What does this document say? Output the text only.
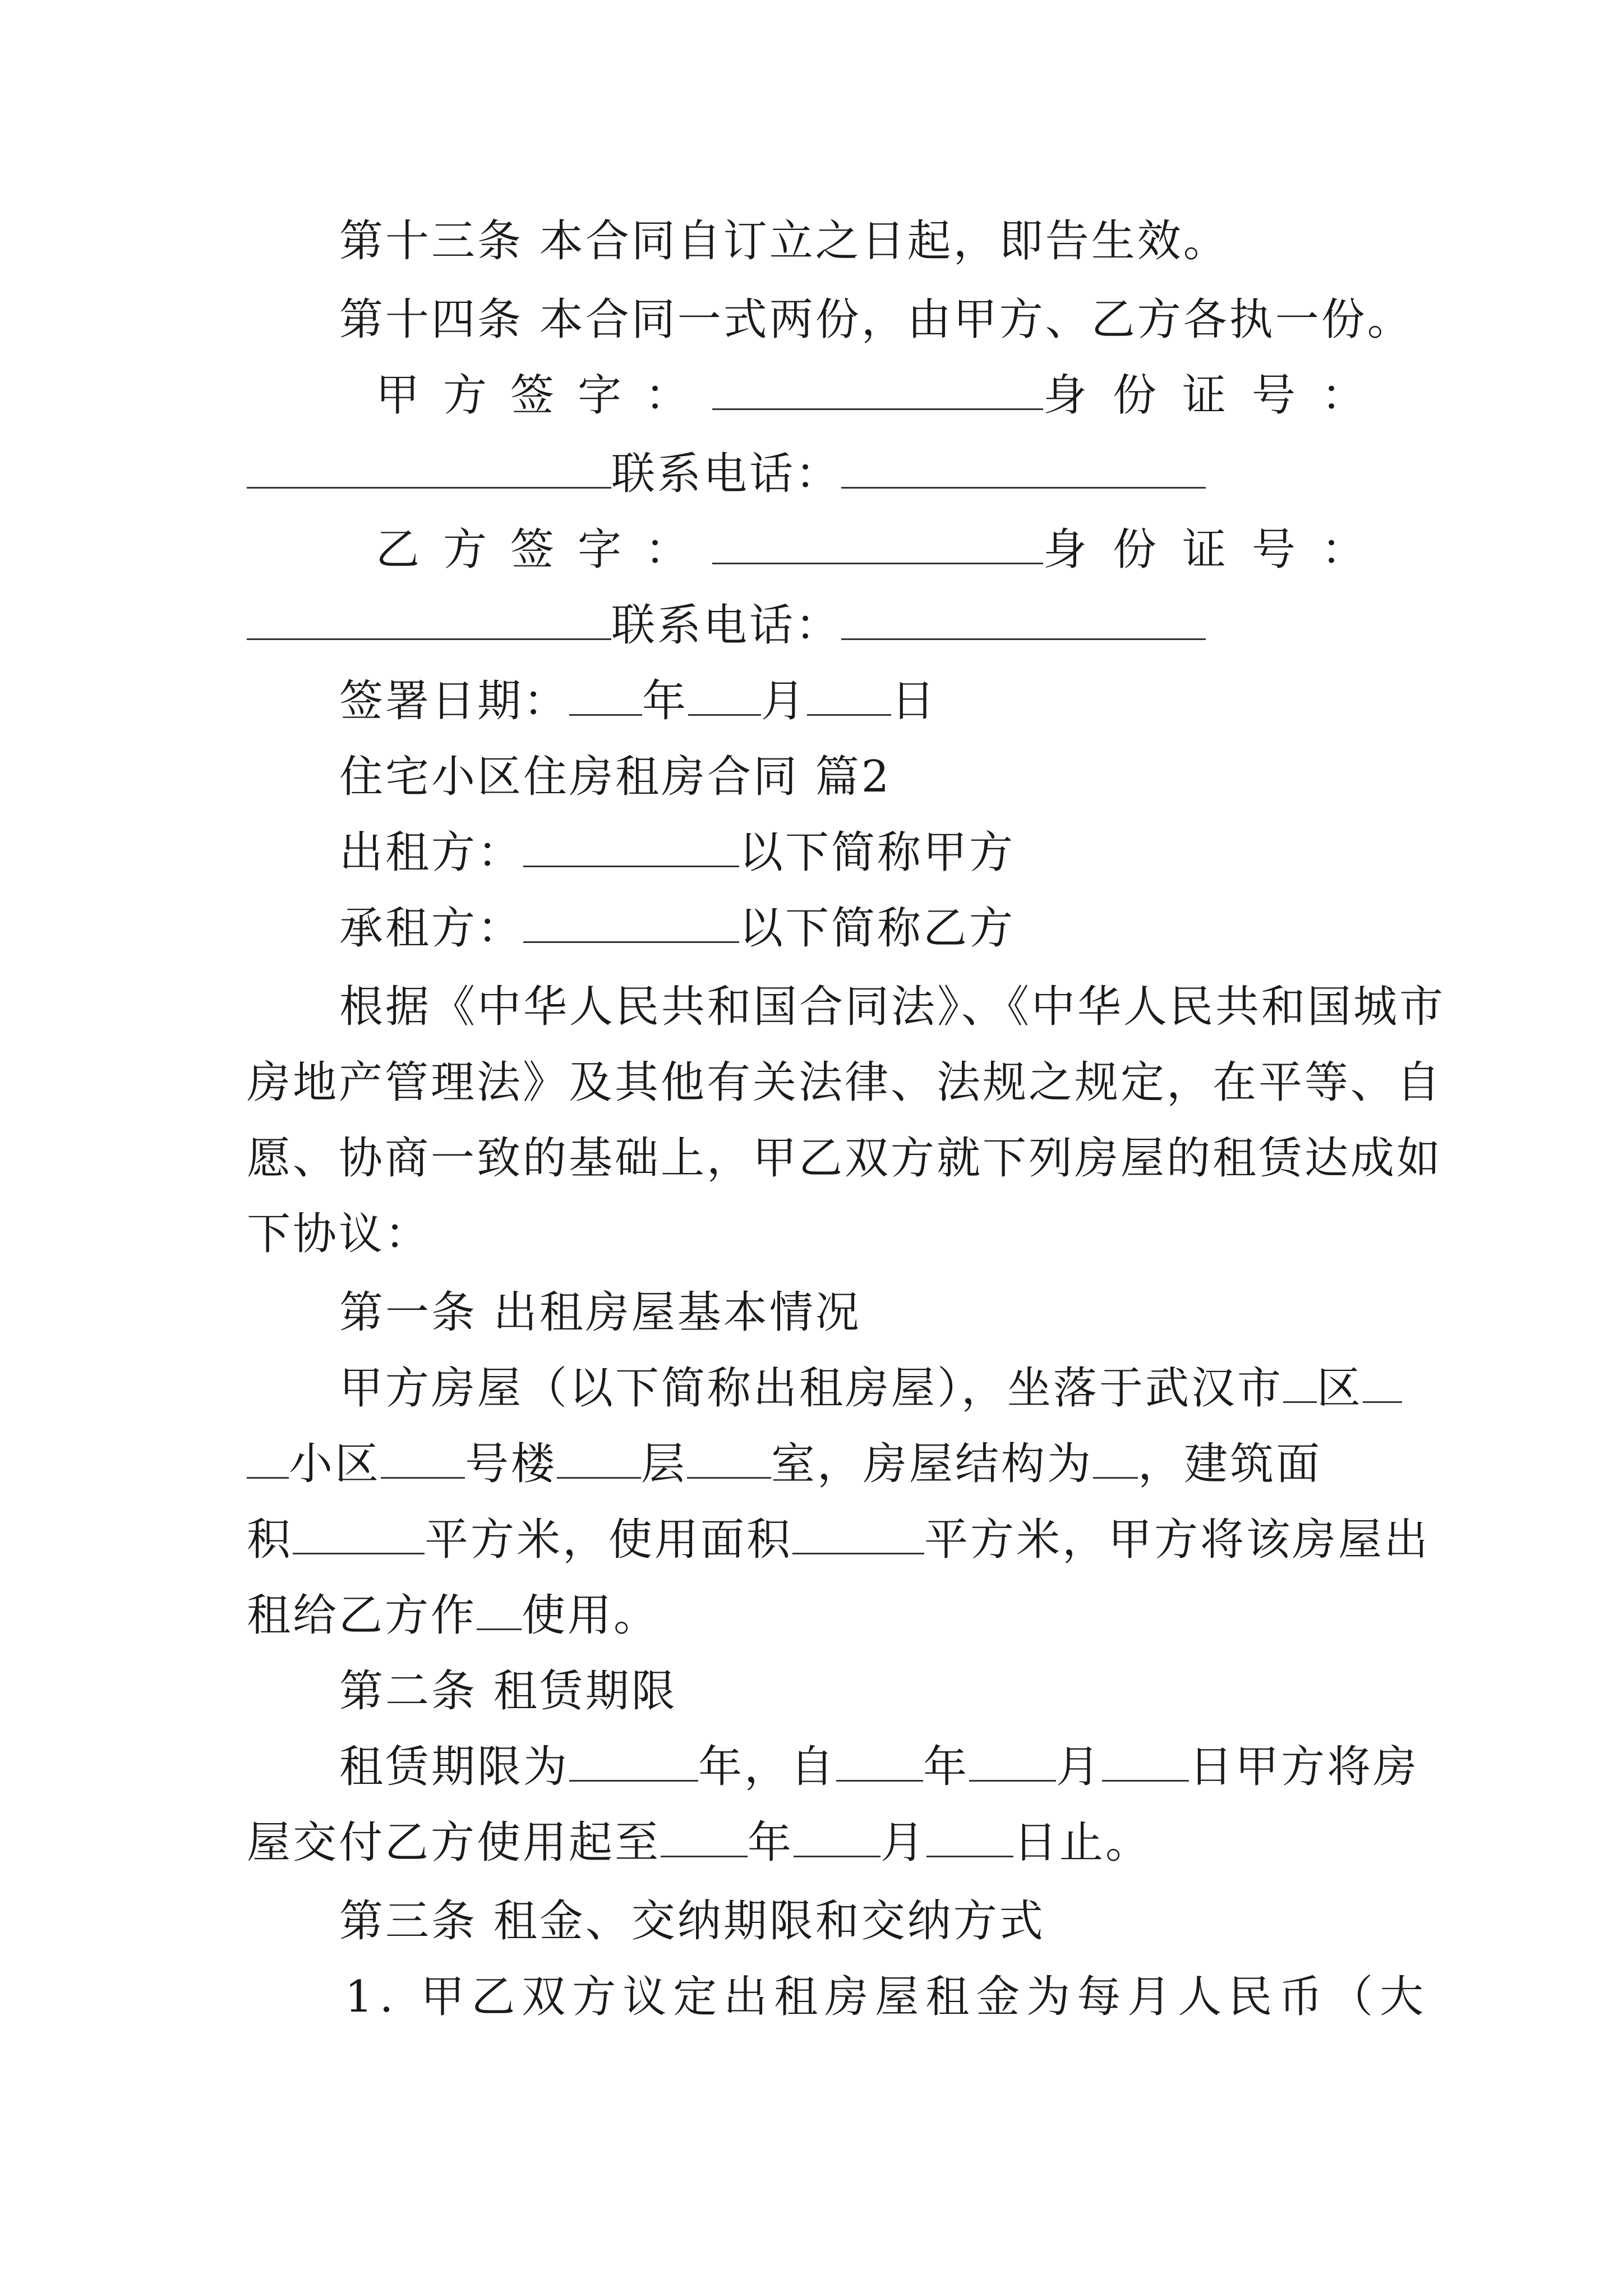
第十三条 本合同自订立之日起，即告生效。
第十四条 本合同一式两份，由甲方、乙方各执一份。
甲方签字：	身份证号：
联系电话：
乙方签字：	身份证号：
联系电话：
签署日期： 年 月 日
住宅小区住房租房合同 篇2
出租方：	以下简称甲方
承租方：	以下简称乙方
根据《中华人民共和国合同法》、《中华人民共和国城市
房地产管理法》及其他有关法律、法规之规定，在平等、自
愿、协商一致的基础上，甲乙双方就下列房屋的租赁达成如
下协议：
第一条 出租房屋基本情况
甲方房屋（以下简称出租房屋），坐落于武汉市 区
小区 号楼 层 室，房屋结构为 ，建筑面
积	平方米，使用面积	平方米，甲方将该房屋出
租给乙方作 使用。
第二条 租赁期限
租赁期限为	年，自 年 月 日甲方将房
屋交付乙方使用起至 年 月 日止。
第三条 租金、交纳期限和交纳方式
1. 甲乙双方议定出租房屋租金为每月人民币（大
